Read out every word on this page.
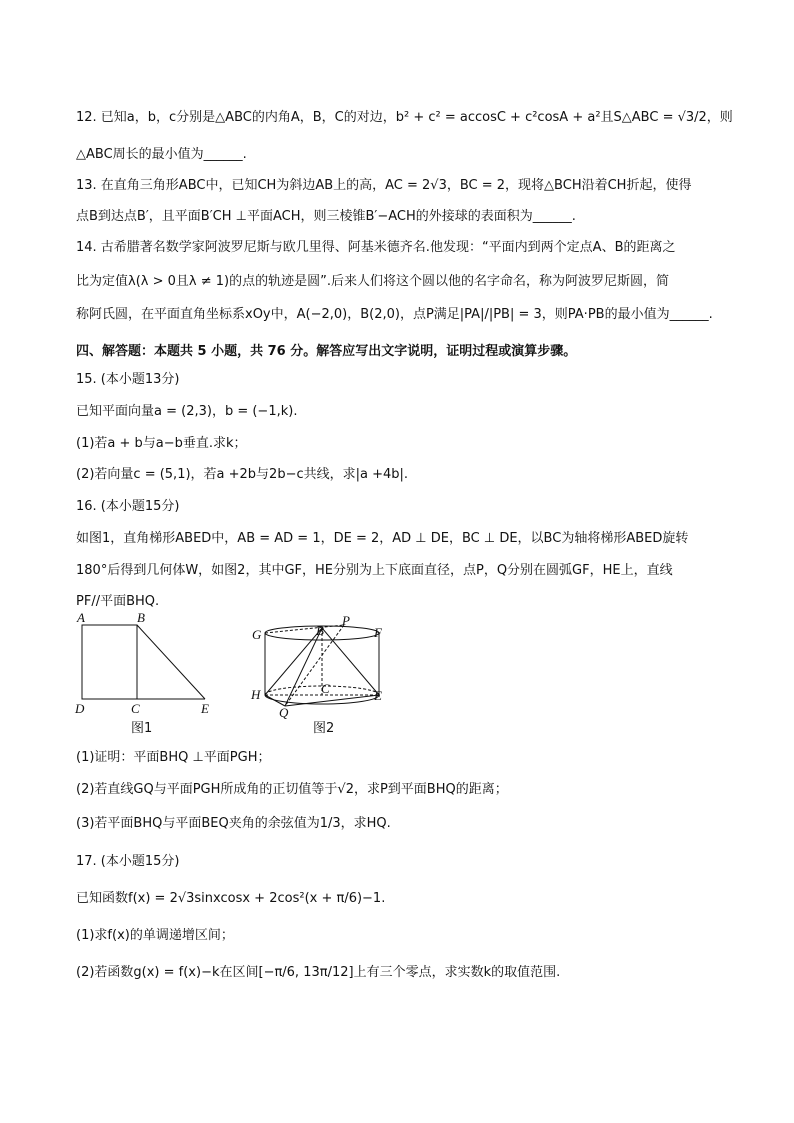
12. 已知a，b，c分别是△ABC的内角A，B，C的对边，b² + c² = accosC + c²cosA + a²且S△ABC = √3/2，则
△ABC周长的最小值为______.
13. 在直角三角形ABC中，已知CH为斜边AB上的高，AC = 2√3，BC = 2，现将△BCH沿着CH折起，使得
点B到达点B′，且平面B′CH ⊥平面ACH，则三棱锥B′−ACH的外接球的表面积为______.
14. 古希腊著名数学家阿波罗尼斯与欧几里得、阿基米德齐名.他发现：“平面内到两个定点A、B的距离之
比为定值λ(λ > 0且λ ≠ 1)的点的轨迹是圆”.后来人们将这个圆以他的名字命名，称为阿波罗尼斯圆，简
称阿氏圆，在平面直角坐标系xOy中，A(−2,0)，B(2,0)，点P满足|PA|/|PB| = 3，则PA·PB的最小值为______.
四、解答题：本题共 5 小题，共 76 分。解答应写出文字说明，证明过程或演算步骤。
15. (本小题13分)
已知平面向量a = (2,3)，b = (−1,k).
(1)若a + b与a−b垂直.求k；
(2)若向量c = (5,1)，若a +2b与2b−c共线，求|a +4b|.
16. (本小题15分)
如图1，直角梯形ABED中，AB = AD = 1，DE = 2，AD ⊥ DE，BC ⊥ DE，以BC为轴将梯形ABED旋转
180°后得到几何体W，如图2，其中GF，HE分别为上下底面直径，点P，Q分别在圆弧GF，HE上，直线
PF//平面BHQ.
(1)证明：平面BHQ ⊥平面PGH；
(2)若直线GQ与平面PGH所成角的正切值等于√2，求P到平面BHQ的距离；
(3)若平面BHQ与平面BEQ夹角的余弦值为1/3，求HQ.
17. (本小题15分)
已知函数f(x) = 2√3sinxcosx + 2cos²(x + π/6)−1.
(1)求f(x)的单调递增区间；
(2)若函数g(x) = f(x)−k在区间[−π/6, 13π/12]上有三个零点，求实数k的取值范围.
A	B
C
D	E
图1
G	B
P
F
H	C	E
Q
图2
